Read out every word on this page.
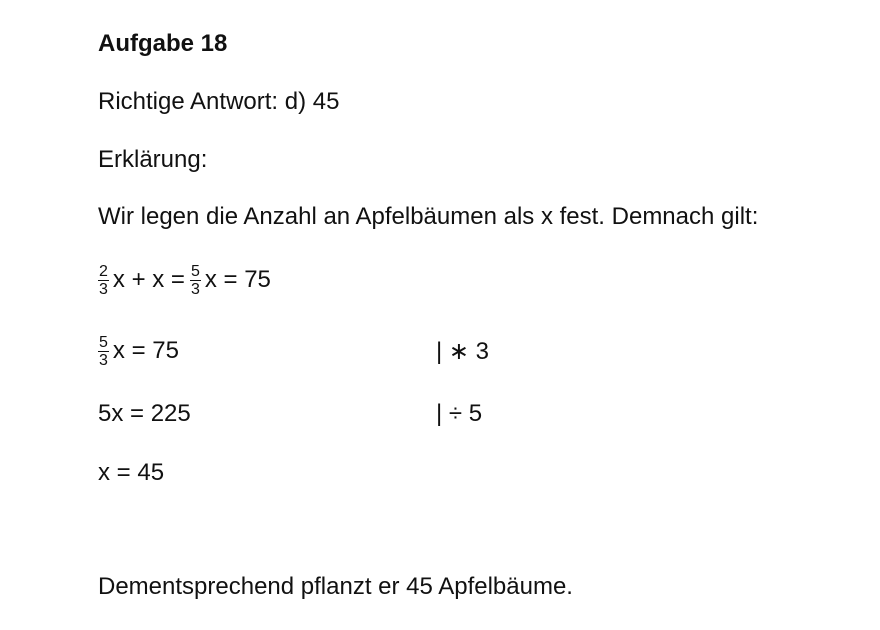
Aufgabe 18
Richtige Antwort: d) 45
Erklärung:
Wir legen die Anzahl an Apfelbäumen als x fest. Demnach gilt:
$\frac{2}{3}$ $x + x = \frac{5}{3}$ x = 75
$\frac{5}{3}$ x = 75	| ∗ 3
5x = 225	| ÷ 5
x = 45
Dementsprechend pflanzt er 45 Apfelbäume.
